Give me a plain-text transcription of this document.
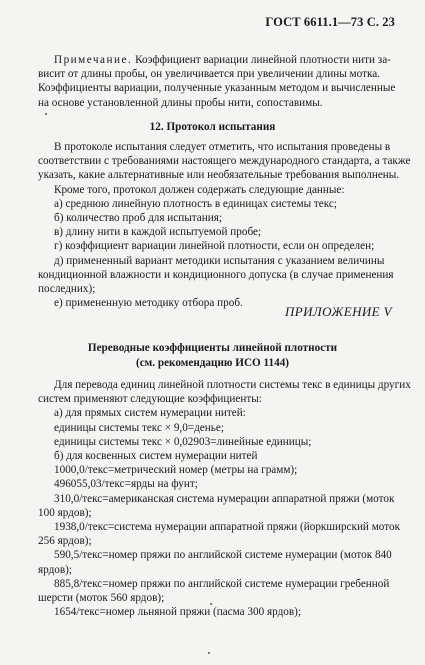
ГОСТ 6611.1—73 С. 23
Примечание. Коэффициент вариации линейной плотности нити за-
висит от длины пробы, он увеличивается при увеличении длины мотка.
Коэффициенты вариации, полученные указанным методом и вычисленные
на основе установленной длины пробы нити, сопоставимы.
12. Протокол испытания
В протоколе испытания следует отметить, что испытания проведены в
соответствии с требованиями настоящего международного стандарта, а также
указать, какие альтернативные или необязательные требования выполнены.
Кроме того, протокол должен содержать следующие данные:
а) среднюю линейную плотность в единицах системы текс;
б) количество проб для испытания;
в) длину нити в каждой испытуемой пробе;
г) коэффициент вариации линейной плотности, если он определен;
д) примененный вариант методики испытания с указанием величины
кондиционной влажности и кондиционного допуска (в случае применения
последних);
е) примененную методику отбора проб.
ПРИЛОЖЕНИЕ V
Переводные коэффициенты линейной плотности
(см. рекомендацию ИСО 1144)
Для перевода единиц линейной плотности системы текс в единицы других
систем применяют следующие коэффициенты:
а) для прямых систем нумерации нитей:
единицы системы текс × 9,0=денье;
единицы системы текс × 0,02903=линейные единицы;
б) для косвенных систем нумерации нитей
1000,0/текс=метрический номер (метры на грамм);
496055,03/текс=ярды на фунт;
310,0/текс=американская система нумерации аппаратной пряжи (моток
100 ярдов);
1938,0/текс=система нумерации аппаратной пряжи (йоркширский моток
256 ярдов);
590,5/текс=номер пряжи по английской системе нумерации (моток 840
ярдов);
885,8/текс=номер пряжи по английской системе нумерации гребенной
шерсти (моток 560 ярдов);
1654/текс=номер льняной пряжи (пасма 300 ярдов);
